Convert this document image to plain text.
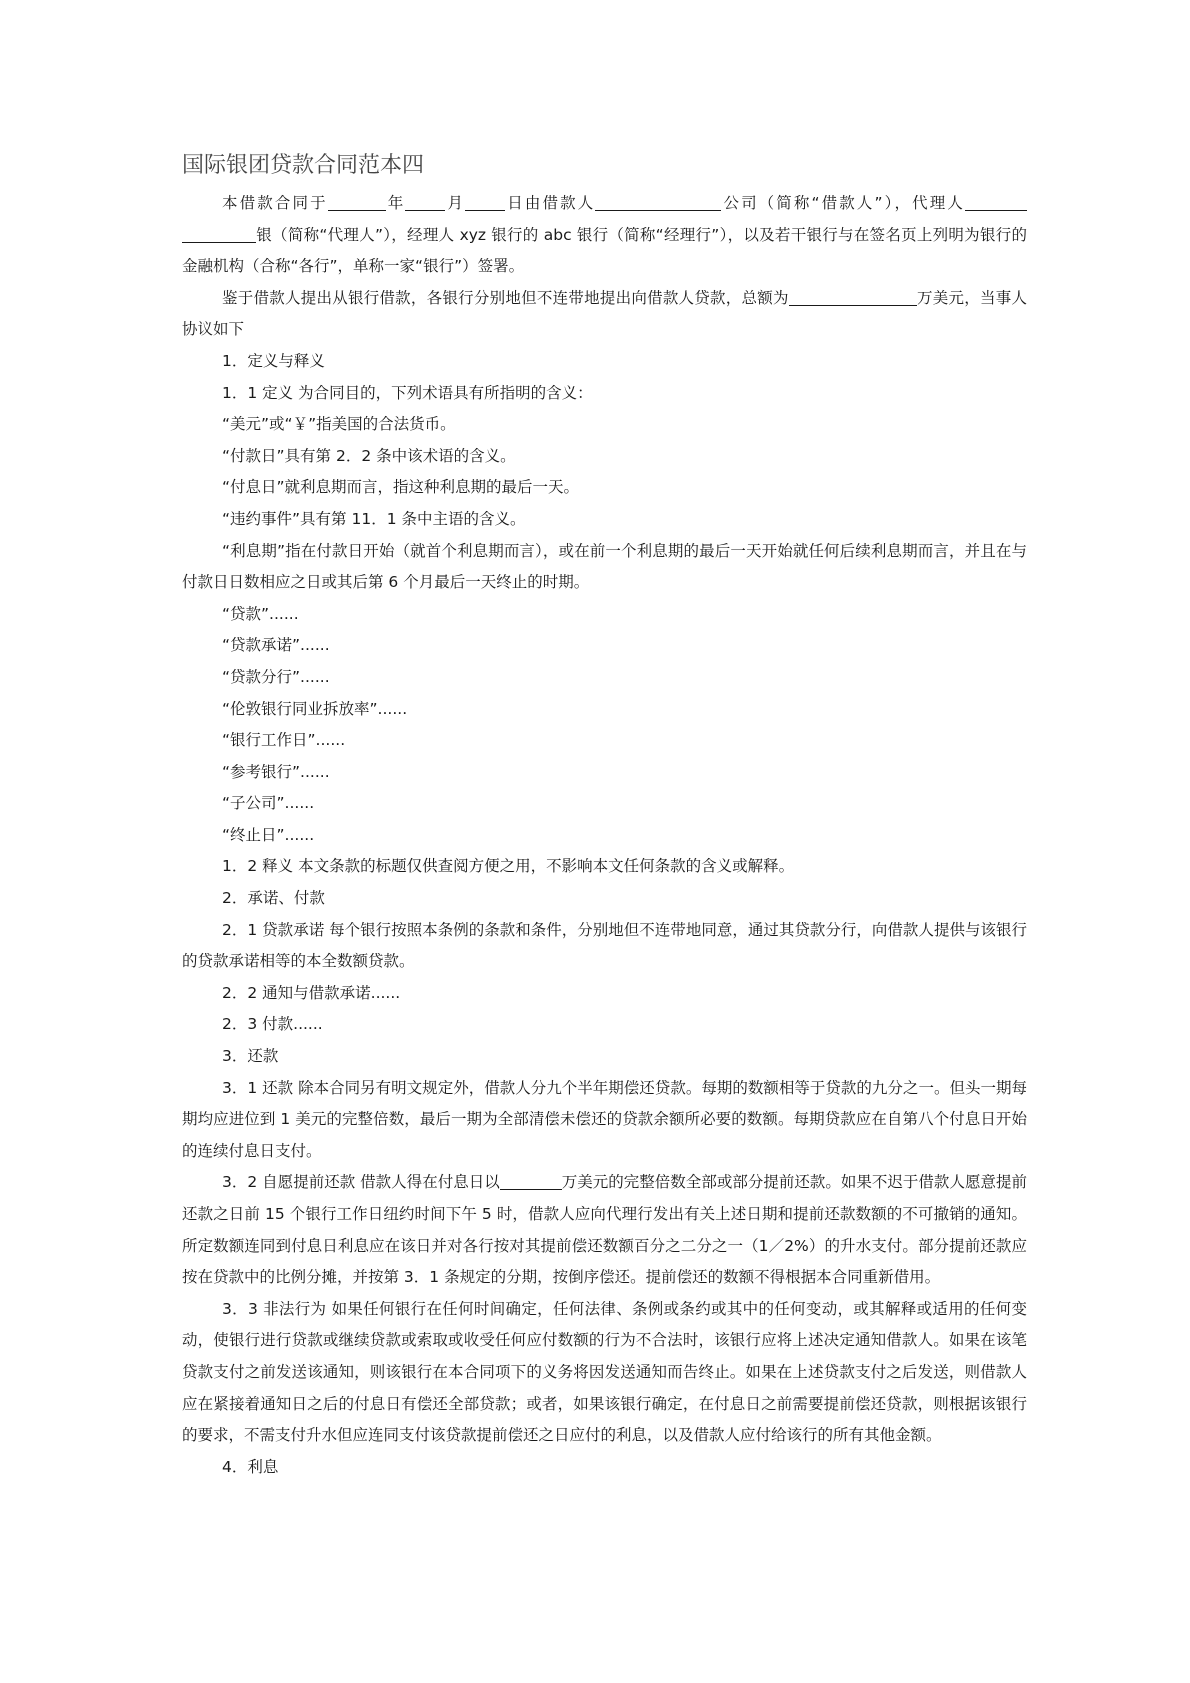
国际银团贷款合同范本四

本借款合同于	年	月	日由借款人	公司（简称“借款人”），代理人银（简称“代理人”），经理人 xyz 银行的 abc 银行（简称“经理行”），以及若干银行与在签名页上列明为银行的金融机构（合称“各行”，单称一家“银行”）签署。

鉴于借款人提出从银行借款，各银行分别地但不连带地提出向借款人贷款，总额为	万美元，当事人协议如下

1．定义与释义

1．1 定义 为合同目的，下列术语具有所指明的含义：

“美元”或“￥”指美国的合法货币。

“付款日”具有第 2．2 条中该术语的含义。

“付息日”就利息期而言，指这种利息期的最后一天。

“违约事件”具有第 11．1 条中主语的含义。

“利息期”指在付款日开始（就首个利息期而言），或在前一个利息期的最后一天开始就任何后续利息期而言，并且在与付款日日数相应之日或其后第 6 个月最后一天终止的时期。

“贷款”......

“贷款承诺”......

“贷款分行”......

“伦敦银行同业拆放率”......

“银行工作日”......

“参考银行”......

“子公司”......

“终止日”......

1．2 释义 本文条款的标题仅供查阅方便之用，不影响本文任何条款的含义或解释。

2．承诺、付款

2．1 贷款承诺 每个银行按照本条例的条款和条件，分别地但不连带地同意，通过其贷款分行，向借款人提供与该银行的贷款承诺相等的本全数额贷款。

2．2 通知与借款承诺......

2．3 付款......

3．还款

3．1 还款 除本合同另有明文规定外，借款人分九个半年期偿还贷款。每期的数额相等于贷款的九分之一。但头一期每期均应进位到 1 美元的完整倍数，最后一期为全部清偿未偿还的贷款余额所必要的数额。每期贷款应在自第八个付息日开始的连续付息日支付。

3．2 自愿提前还款 借款人得在付息日以	万美元的完整倍数全部或部分提前还款。如果不迟于借款人愿意提前还款之日前 15 个银行工作日纽约时间下午 5 时，借款人应向代理行发出有关上述日期和提前还款数额的不可撤销的通知。所定数额连同到付息日利息应在该日并对各行按对其提前偿还数额百分之二分之一（1／2%）的升水支付。部分提前还款应按在贷款中的比例分摊，并按第 3．1 条规定的分期，按倒序偿还。提前偿还的数额不得根据本合同重新借用。

3．3 非法行为 如果任何银行在任何时间确定，任何法律、条例或条约或其中的任何变动，或其解释或适用的任何变动，使银行进行贷款或继续贷款或索取或收受任何应付数额的行为不合法时，该银行应将上述决定通知借款人。如果在该笔贷款支付之前发送该通知，则该银行在本合同项下的义务将因发送通知而告终止。如果在上述贷款支付之后发送，则借款人应在紧接着通知日之后的付息日有偿还全部贷款；或者，如果该银行确定，在付息日之前需要提前偿还贷款，则根据该银行的要求，不需支付升水但应连同支付该贷款提前偿还之日应付的利息，以及借款人应付给该行的所有其他金额。

4．利息
